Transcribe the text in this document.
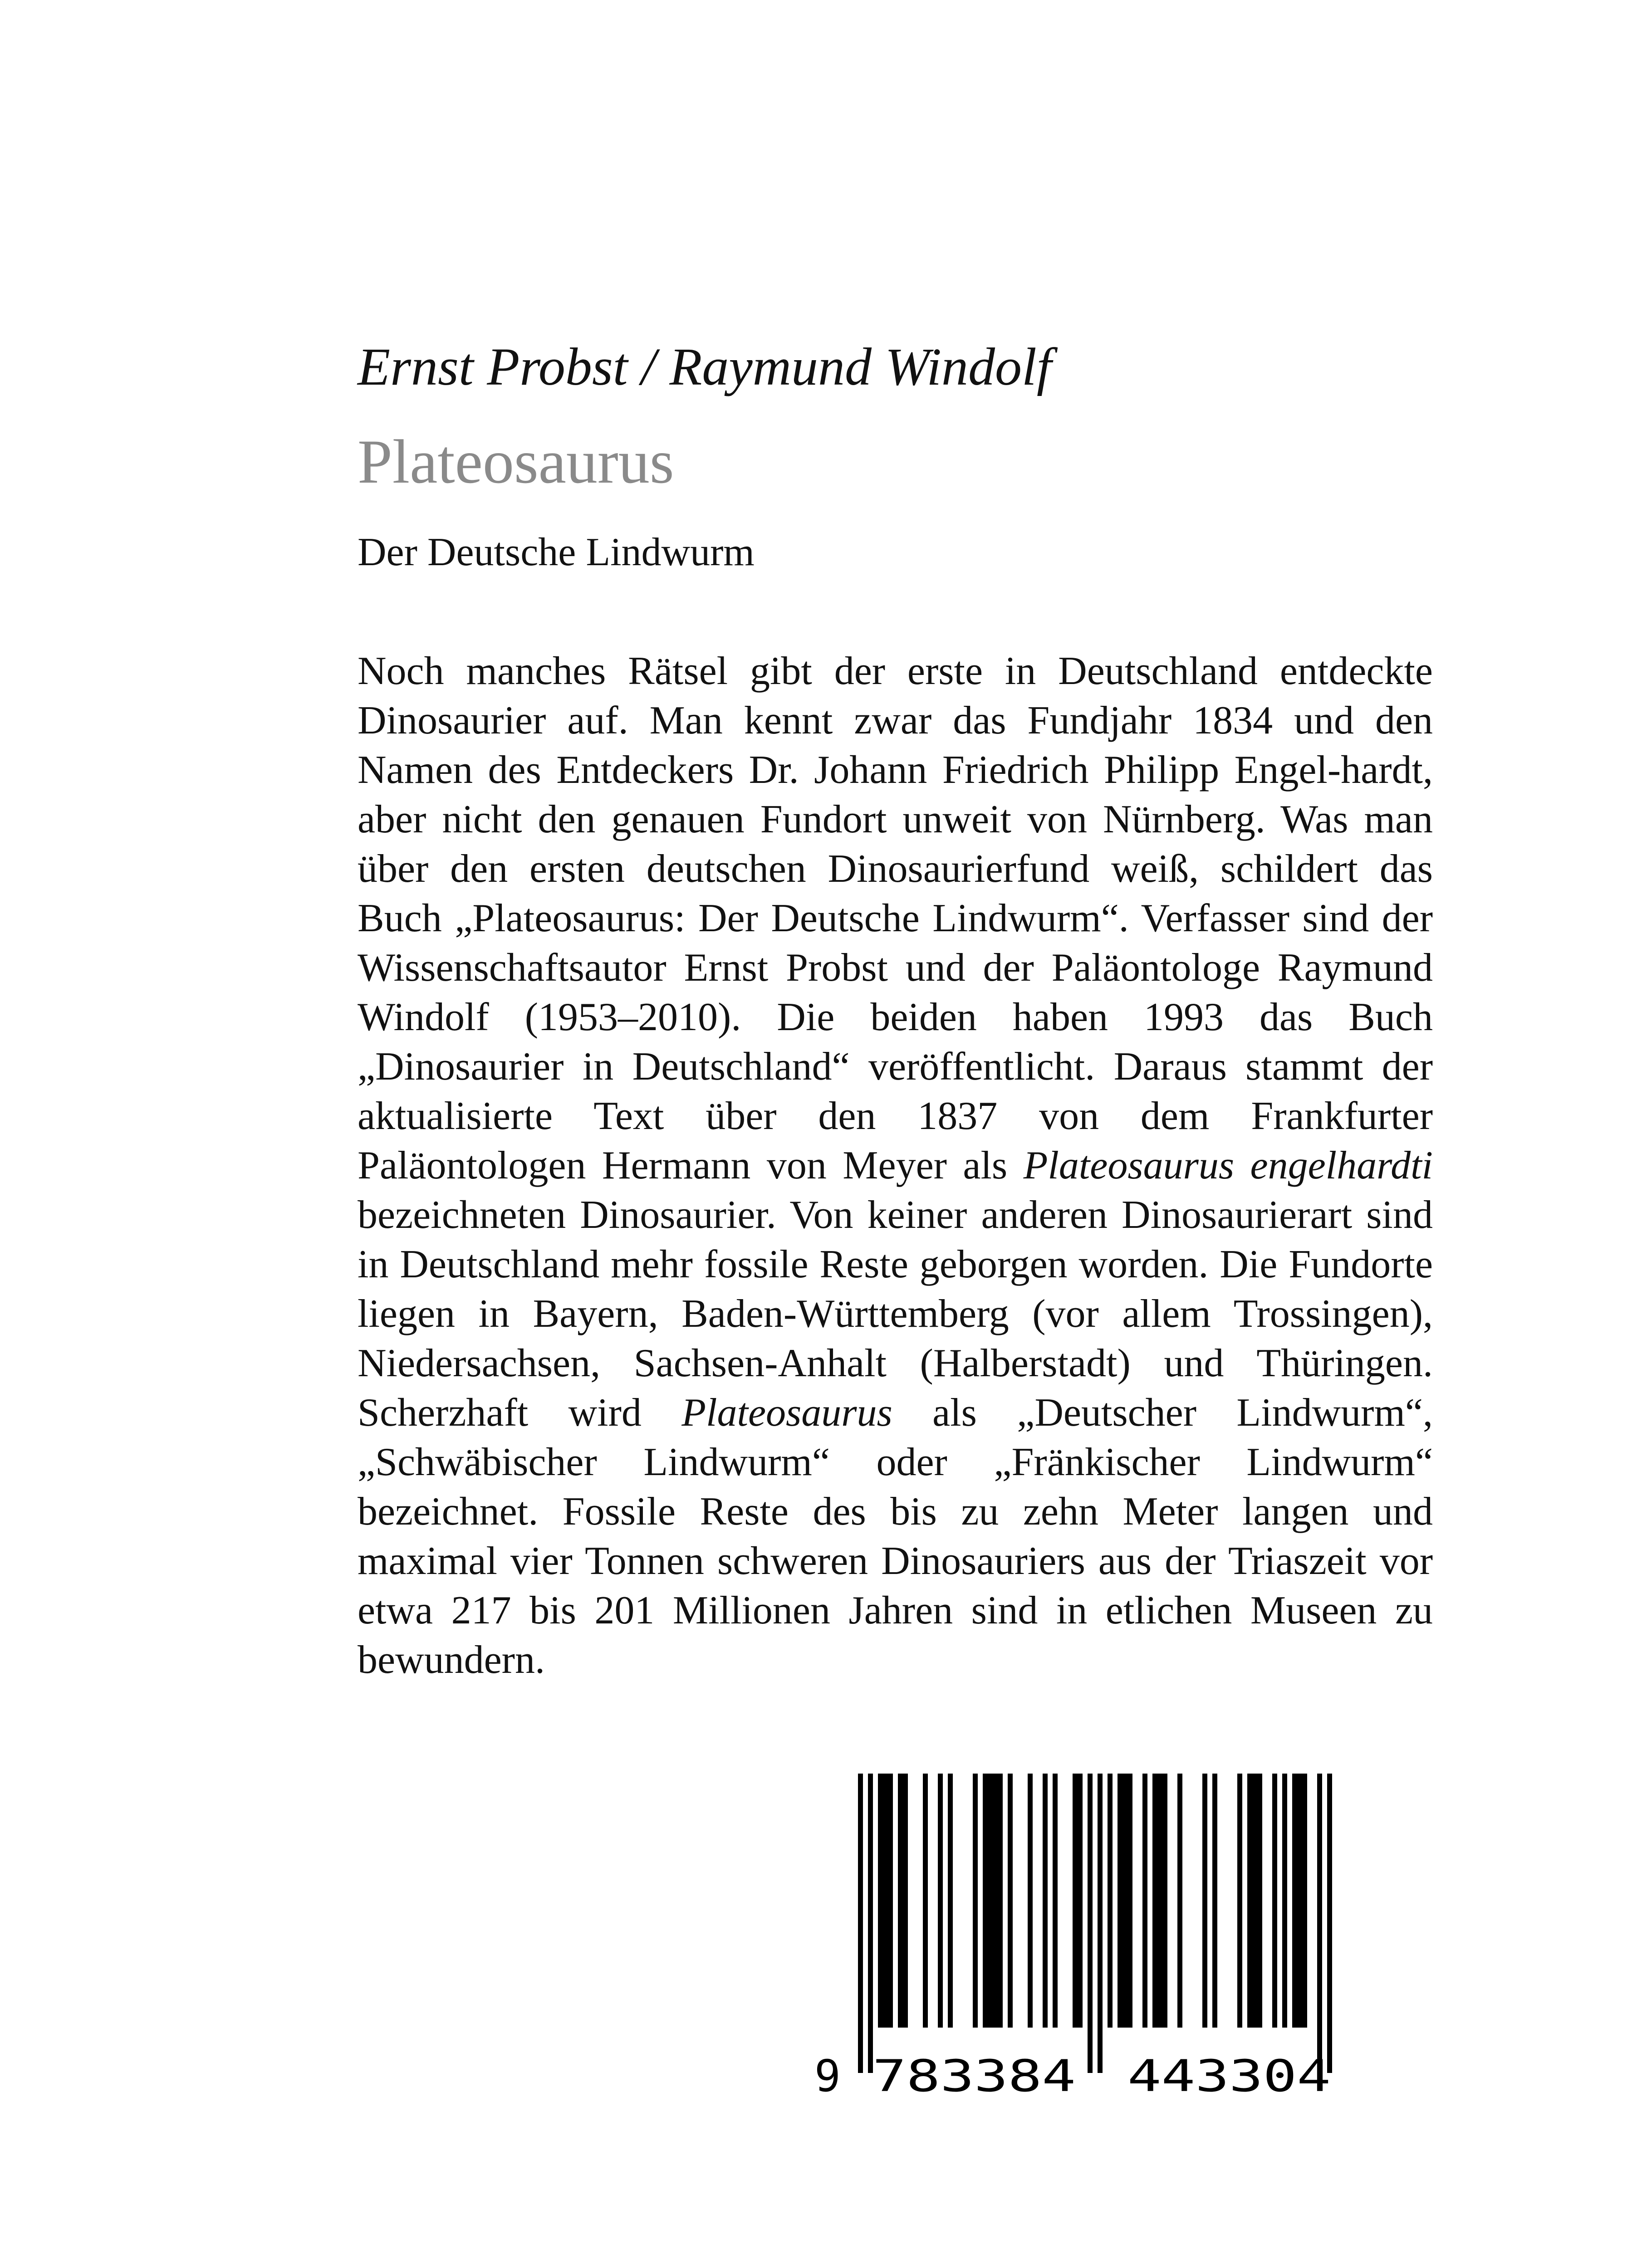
Ernst Probst / Raymund Windolf
Plateosaurus
Der Deutsche Lindwurm

Noch manches Rätsel gibt der erste in Deutschland entdeckte Dinosaurier auf. Man kennt zwar das Fundjahr 1834 und den Namen des Entdeckers Dr. Johann Friedrich Philipp Engel-hardt, aber nicht den genauen Fundort unweit von Nürnberg. Was man über den ersten deutschen Dinosaurierfund weiß, schildert das Buch „Plateosaurus: Der Deutsche Lindwurm“. Verfasser sind der Wissenschaftsautor Ernst Probst und der Paläontologe Raymund Windolf (1953–2010). Die beiden haben 1993 das Buch „Dinosaurier in Deutschland“ veröffentlicht. Daraus stammt der aktualisierte Text über den 1837 von dem Frankfurter Paläontologen Hermann von Meyer als Plateosaurus engelhardti bezeichneten Dinosaurier. Von keiner anderen Dinosaurierart sind in Deutschland mehr fossile Reste geborgen worden. Die Fundorte liegen in Bayern, Baden-Württemberg (vor allem Trossingen), Niedersachsen, Sachsen-Anhalt (Halberstadt) und Thüringen. Scherzhaft wird Plateosaurus als „Deutscher Lindwurm“, „Schwäbischer Lindwurm“ oder „Fränkischer Lindwurm“ bezeichnet. Fossile Reste des bis zu zehn Meter langen und maximal vier Tonnen schweren Dinosauriers aus der Triaszeit vor etwa 217 bis 201 Millionen Jahren sind in etlichen Museen zu bewundern.

9 783384 443304
